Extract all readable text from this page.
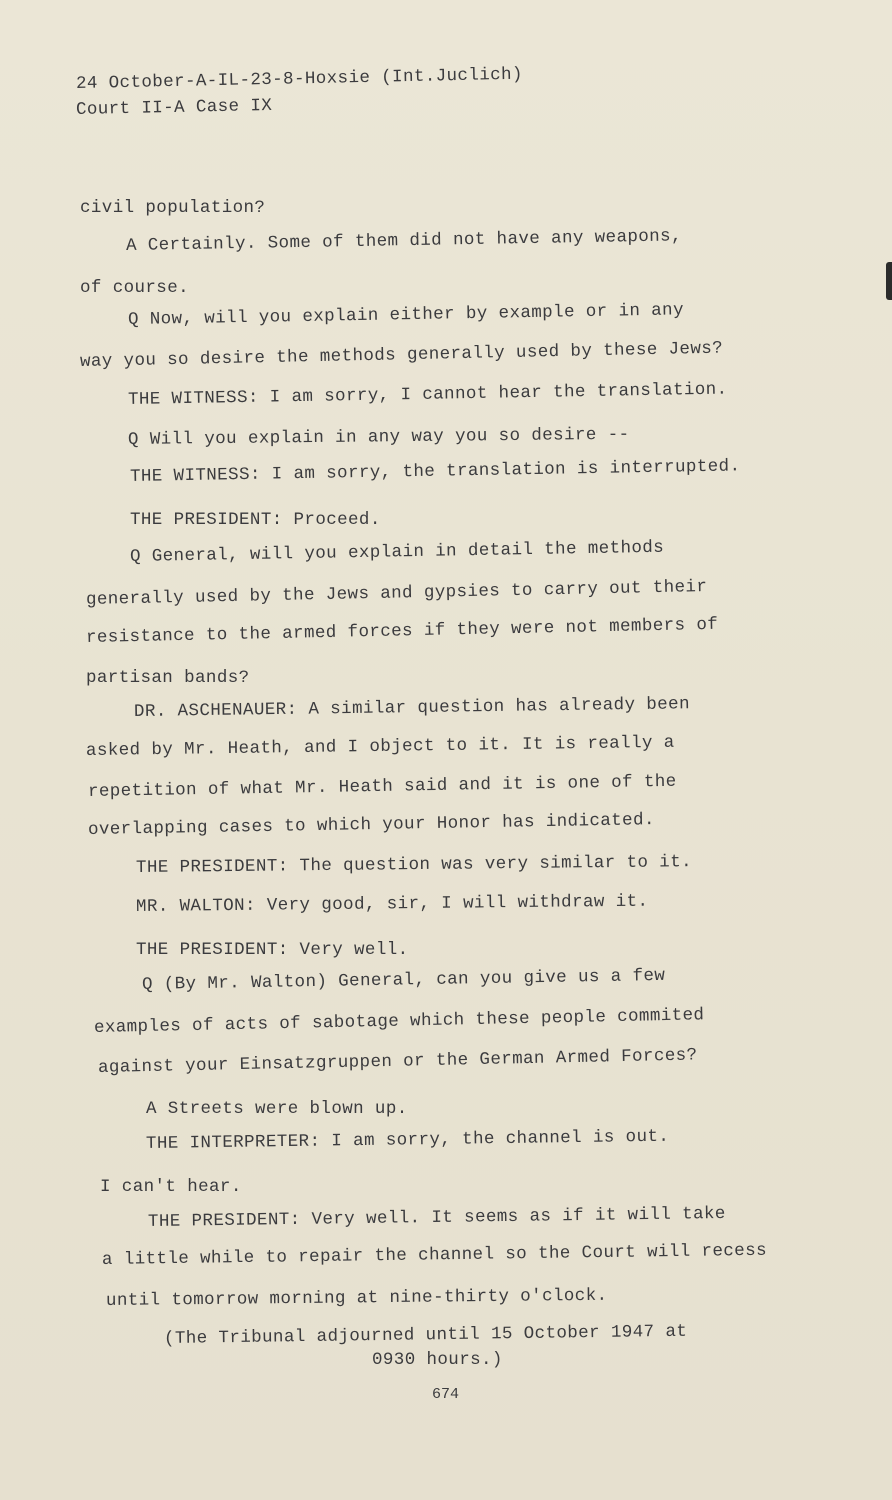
24 October-A-IL-23-8-Hoxsie (Int.Juclich)
Court II-A Case IX
civil population?
A Certainly. Some of them did not have any weapons,
of course.
Q Now, will you explain either by example or in any
way you so desire the methods generally used by these Jews?
THE WITNESS: I am sorry, I cannot hear the translation.
Q Will you explain in any way you so desire --
THE WITNESS: I am sorry, the translation is interrupted.
THE PRESIDENT: Proceed.
Q General, will you explain in detail the methods
generally used by the Jews and gypsies to carry out their
resistance to the armed forces if they were not members of
partisan bands?
DR. ASCHENAUER: A similar question has already been
asked by Mr. Heath, and I object to it. It is really a
repetition of what Mr. Heath said and it is one of the
overlapping cases to which your Honor has indicated.
THE PRESIDENT: The question was very similar to it.
MR. WALTON: Very good, sir, I will withdraw it.
THE PRESIDENT: Very well.
Q (By Mr. Walton) General, can you give us a few
examples of acts of sabotage which these people commited
against your Einsatzgruppen or the German Armed Forces?
A Streets were blown up.
THE INTERPRETER: I am sorry, the channel is out.
I can't hear.
THE PRESIDENT: Very well. It seems as if it will take
a little while to repair the channel so the Court will recess
until tomorrow morning at nine-thirty o'clock.
(The Tribunal adjourned until 15 October 1947 at
0930 hours.)
674
